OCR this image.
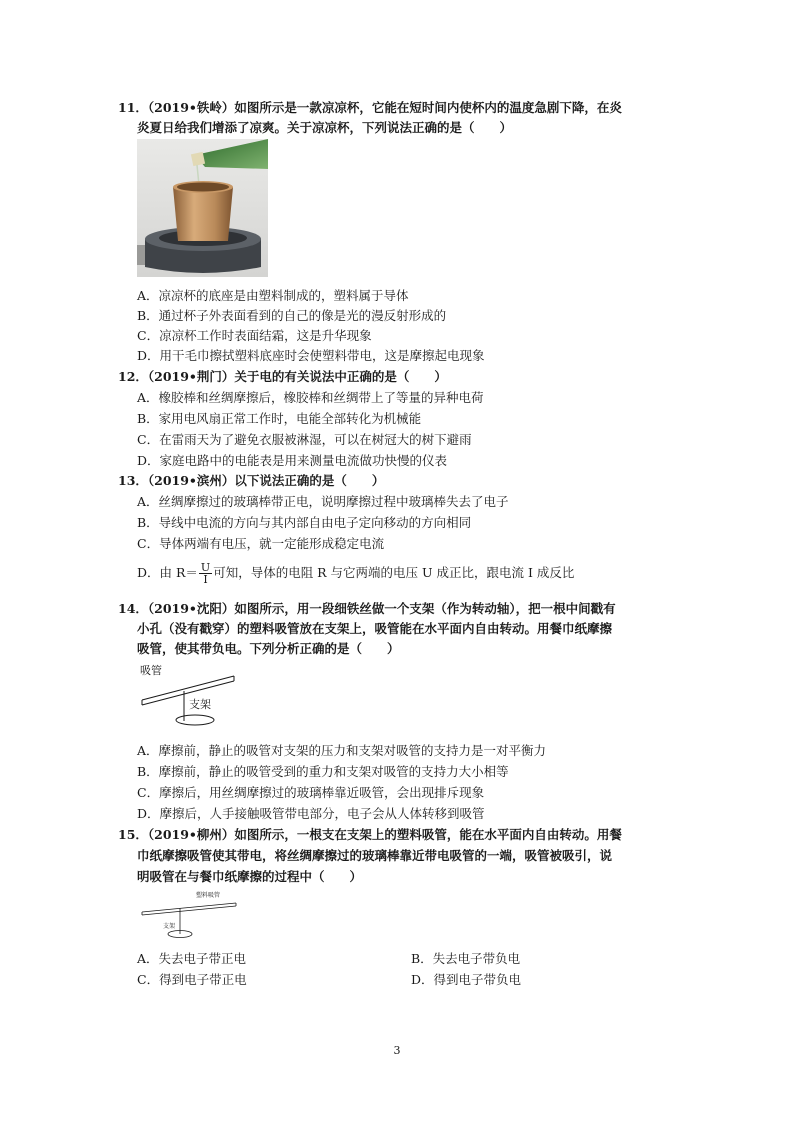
11．（2019•铁岭）如图所示是一款凉凉杯，它能在短时间内使杯内的温度急剧下降，在炎
炎夏日给我们增添了凉爽。关于凉凉杯，下列说法正确的是（　　）
A．凉凉杯的底座是由塑料制成的，塑料属于导体
B．通过杯子外表面看到的自己的像是光的漫反射形成的
C．凉凉杯工作时表面结霜，这是升华现象
D．用干毛巾擦拭塑料底座时会使塑料带电，这是摩擦起电现象
12．（2019•荆门）关于电的有关说法中正确的是（　　）
A．橡胶棒和丝绸摩擦后，橡胶棒和丝绸带上了等量的异种电荷
B．家用电风扇正常工作时，电能全部转化为机械能
C．在雷雨天为了避免衣服被淋湿，可以在树冠大的树下避雨
D．家庭电路中的电能表是用来测量电流做功快慢的仪表
13．（2019•滨州）以下说法正确的是（　　）
A．丝绸摩擦过的玻璃棒带正电，说明摩擦过程中玻璃棒失去了电子
B．导线中电流的方向与其内部自由电子定向移动的方向相同
C．导体两端有电压，就一定能形成稳定电流
D．由 $R= \frac{U}{I}$ 可知，导体的电阻 R 与它两端的电压 U 成正比，跟电流 I 成反比
14．（2019•沈阳）如图所示，用一段细铁丝做一个支架（作为转动轴），把一根中间戳有
小孔（没有戳穿）的塑料吸管放在支架上，吸管能在水平面内自由转动。用餐巾纸摩擦
吸管，使其带负电。下列分析正确的是（　　）
吸管
支架
A．摩擦前，静止的吸管对支架的压力和支架对吸管的支持力是一对平衡力
B．摩擦前，静止的吸管受到的重力和支架对吸管的支持力大小相等
C．摩擦后，用丝绸摩擦过的玻璃棒靠近吸管，会出现排斥现象
D．摩擦后，人手接触吸管带电部分，电子会从人体转移到吸管
15．（2019•柳州）如图所示，一根支在支架上的塑料吸管，能在水平面内自由转动。用餐
巾纸摩擦吸管使其带电，将丝绸摩擦过的玻璃棒靠近带电吸管的一端，吸管被吸引，说
明吸管在与餐巾纸摩擦的过程中（　　）
塑料吸管
支架
A．失去电子带正电	B．失去电子带负电
C．得到电子带正电	D．得到电子带负电
3
